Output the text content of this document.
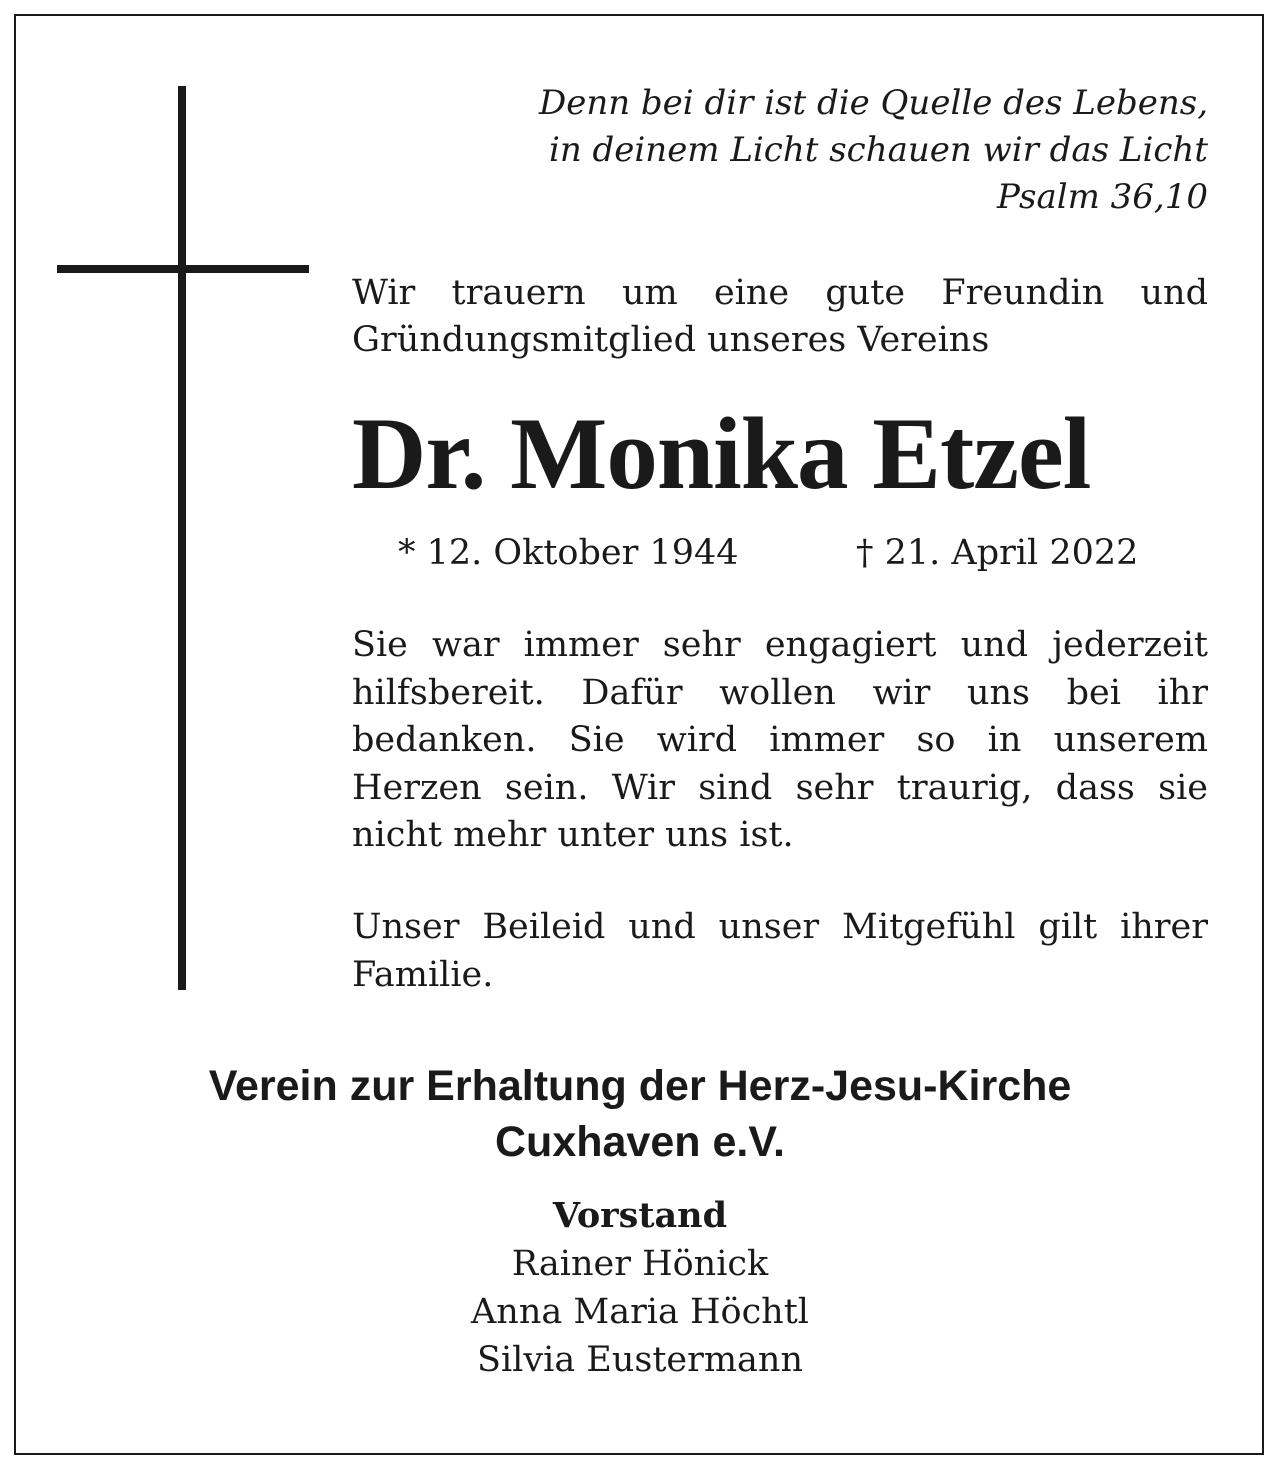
Denn bei dir ist die Quelle des Lebens,
in deinem Licht schauen wir das Licht
Psalm 36,10
Wir trauern um eine gute Freundin und Gründungsmitglied unseres Vereins
Dr. Monika Etzel
* 12. Oktober 1944	† 21. April 2022
Sie war immer sehr engagiert und jederzeit hilfsbereit. Dafür wollen wir uns bei ihr bedanken. Sie wird immer so in unserem Herzen sein. Wir sind sehr traurig, dass sie nicht mehr unter uns ist.
Unser Beileid und unser Mitgefühl gilt ihrer Familie.
Verein zur Erhaltung der Herz-Jesu-Kirche
Cuxhaven e.V.
Vorstand
Rainer Hönick
Anna Maria Höchtl
Silvia Eustermann
